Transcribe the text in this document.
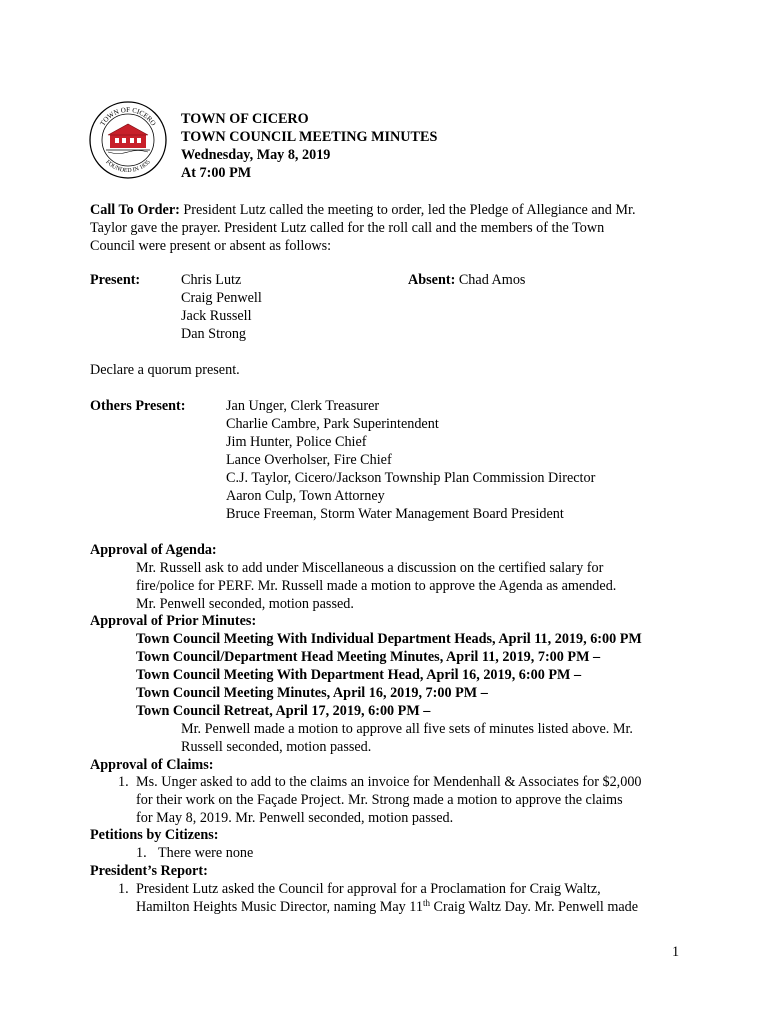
TOWN OF CICERO
FOUNDED IN 1835
TOWN OF CICERO
TOWN COUNCIL MEETING MINUTES
Wednesday, May 8, 2019
At 7:00 PM
Call To Order: President Lutz called the meeting to order, led the Pledge of Allegiance and Mr.
Taylor gave the prayer. President Lutz called for the roll call and the members of the Town
Council were present or absent as follows:
Present:	Chris Lutz
Craig Penwell
Jack Russell
Dan Strong
Absent: Chad Amos
Declare a quorum present.
Others Present:	Jan Unger, Clerk Treasurer
Charlie Cambre, Park Superintendent
Jim Hunter, Police Chief
Lance Overholser, Fire Chief
C.J. Taylor, Cicero/Jackson Township Plan Commission Director
Aaron Culp, Town Attorney
Bruce Freeman, Storm Water Management Board President
Approval of Agenda:
Mr. Russell ask to add under Miscellaneous a discussion on the certified salary for
fire/police for PERF. Mr. Russell made a motion to approve the Agenda as amended.
Mr. Penwell seconded, motion passed.
Approval of Prior Minutes:
Town Council Meeting With Individual Department Heads, April 11, 2019, 6:00 PM
Town Council/Department Head Meeting Minutes, April 11, 2019, 7:00 PM –
Town Council Meeting With Department Head, April 16, 2019, 6:00 PM –
Town Council Meeting Minutes, April 16, 2019, 7:00 PM –
Town Council Retreat, April 17, 2019, 6:00 PM –
Mr. Penwell made a motion to approve all five sets of minutes listed above. Mr.
Russell seconded, motion passed.
Approval of Claims:
1. Ms. Unger asked to add to the claims an invoice for Mendenhall & Associates for $2,000
for their work on the Façade Project. Mr. Strong made a motion to approve the claims
for May 8, 2019. Mr. Penwell seconded, motion passed.
Petitions by Citizens:
1. There were none
President’s Report:
1. President Lutz asked the Council for approval for a Proclamation for Craig Waltz,
Hamilton Heights Music Director, naming May 11th Craig Waltz Day. Mr. Penwell made
1
